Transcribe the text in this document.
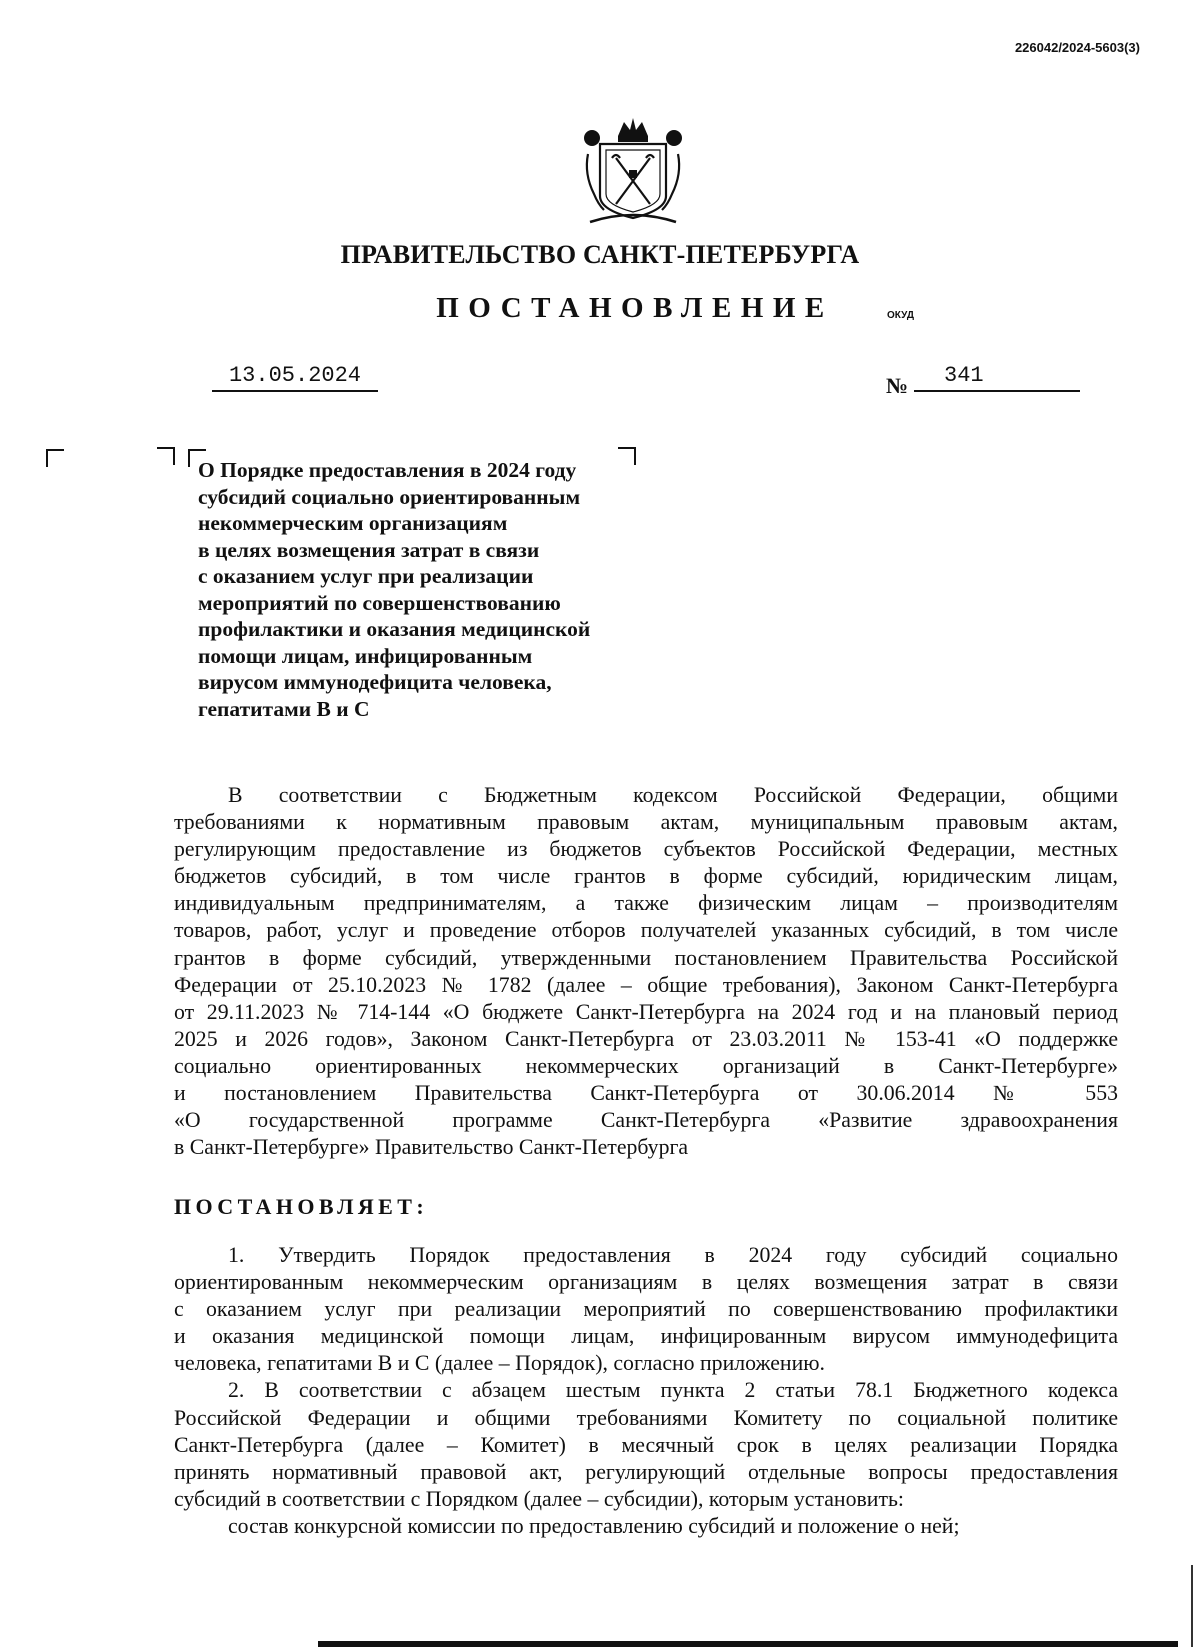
226042/2024-5603(3)
ПРАВИТЕЛЬСТВО САНКТ-ПЕТЕРБУРГА
ПОСТАНОВЛЕНИЕ	ОКУД
13.05.2024	№	341
О Порядке предоставления в 2024 году
субсидий социально ориентированным
некоммерческим организациям
в целях возмещения затрат в связи
с оказанием услуг при реализации
мероприятий по совершенствованию
профилактики и оказания медицинской
помощи лицам, инфицированным
вирусом иммунодефицита человека,
гепатитами В и С
В соответствии с Бюджетным кодексом Российской Федерации, общими
требованиями к нормативным правовым актам, муниципальным правовым актам,
регулирующим предоставление из бюджетов субъектов Российской Федерации, местных
бюджетов субсидий, в том числе грантов в форме субсидий, юридическим лицам,
индивидуальным предпринимателям, а также физическим лицам – производителям
товаров, работ, услуг и проведение отборов получателей указанных субсидий, в том числе
грантов в форме субсидий, утвержденными постановлением Правительства Российской
Федерации от 25.10.2023 № 1782 (далее – общие требования), Законом Санкт-Петербурга
от 29.11.2023 № 714-144 «О бюджете Санкт-Петербурга на 2024 год и на плановый период
2025 и 2026 годов», Законом Санкт-Петербурга от 23.03.2011 № 153-41 «О поддержке
социально ориентированных некоммерческих организаций в Санкт-Петербурге»
и постановлением Правительства Санкт-Петербурга от 30.06.2014 № 553
«О государственной программе Санкт-Петербурга «Развитие здравоохранения
в Санкт-Петербурге» Правительство Санкт-Петербурга
ПОСТАНОВЛЯЕТ:
1. Утвердить Порядок предоставления в 2024 году субсидий социально
ориентированным некоммерческим организациям в целях возмещения затрат в связи
с оказанием услуг при реализации мероприятий по совершенствованию профилактики
и оказания медицинской помощи лицам, инфицированным вирусом иммунодефицита
человека, гепатитами В и С (далее – Порядок), согласно приложению.
2. В соответствии с абзацем шестым пункта 2 статьи 78.1 Бюджетного кодекса
Российской Федерации и общими требованиями Комитету по социальной политике
Санкт-Петербурга (далее – Комитет) в месячный срок в целях реализации Порядка
принять нормативный правовой акт, регулирующий отдельные вопросы предоставления
субсидий в соответствии с Порядком (далее – субсидии), которым установить:
состав конкурсной комиссии по предоставлению субсидий и положение о ней;
